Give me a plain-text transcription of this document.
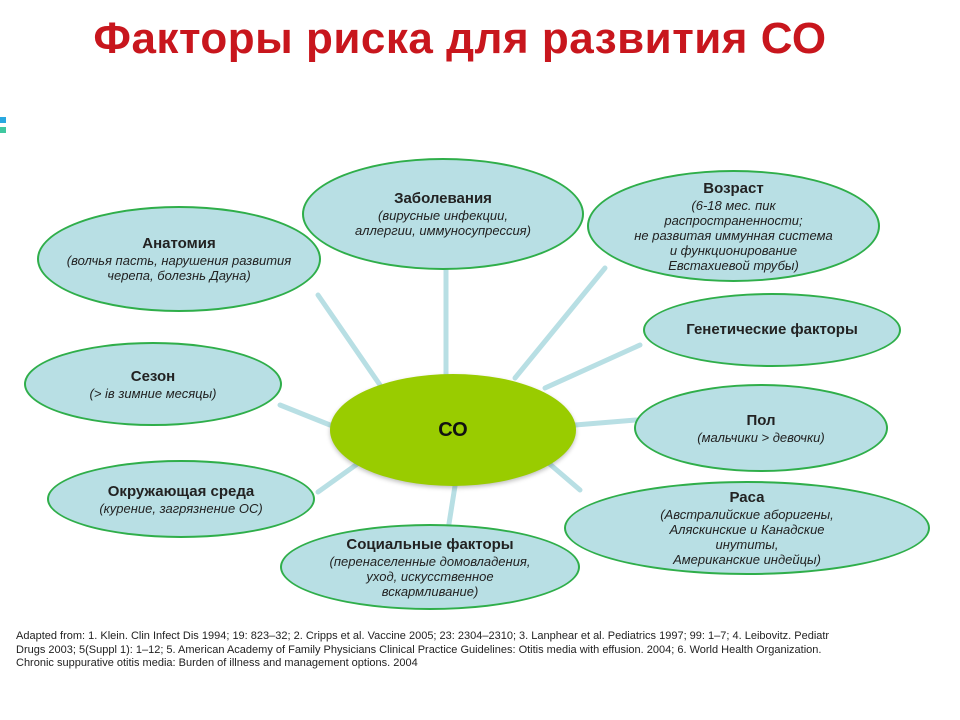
Факторы риска для развития СО
Заболевания
(вирусные инфекции,
аллергии, иммуносупрессия)
Возраст
(6-18 мес. пик
распространенности;
не развитая иммунная система
и функционирование
Евстахиевой трубы)
Анатомия
(волчья пасть, нарушения развития
черепа, болезнь Дауна)
Генетические факторы
Сезон
(> ів зимние месяцы)
Пол
(мальчики > девочки)
Окружающая среда
(курение, загрязнение ОС)
Раса
(Австралийские аборигены,
Аляскинские и Канадские
инутиты,
Американские индейцы)
Социальные факторы
(перенаселенные домовладения,
уход, искусственное
вскармливание)
СО
Adapted from: 1. Klein. Clin Infect Dis 1994; 19: 823–32; 2. Cripps et al. Vaccine 2005; 23: 2304–2310; 3. Lanphear et al. Pediatrics 1997; 99: 1–7; 4. Leibovitz. Pediatr
Drugs 2003; 5(Suppl 1): 1–12; 5. American Academy of Family Physicians Clinical Practice Guidelines: Otitis media with effusion. 2004; 6. World Health Organization.
Chronic suppurative otitis media: Burden of illness and management options. 2004
